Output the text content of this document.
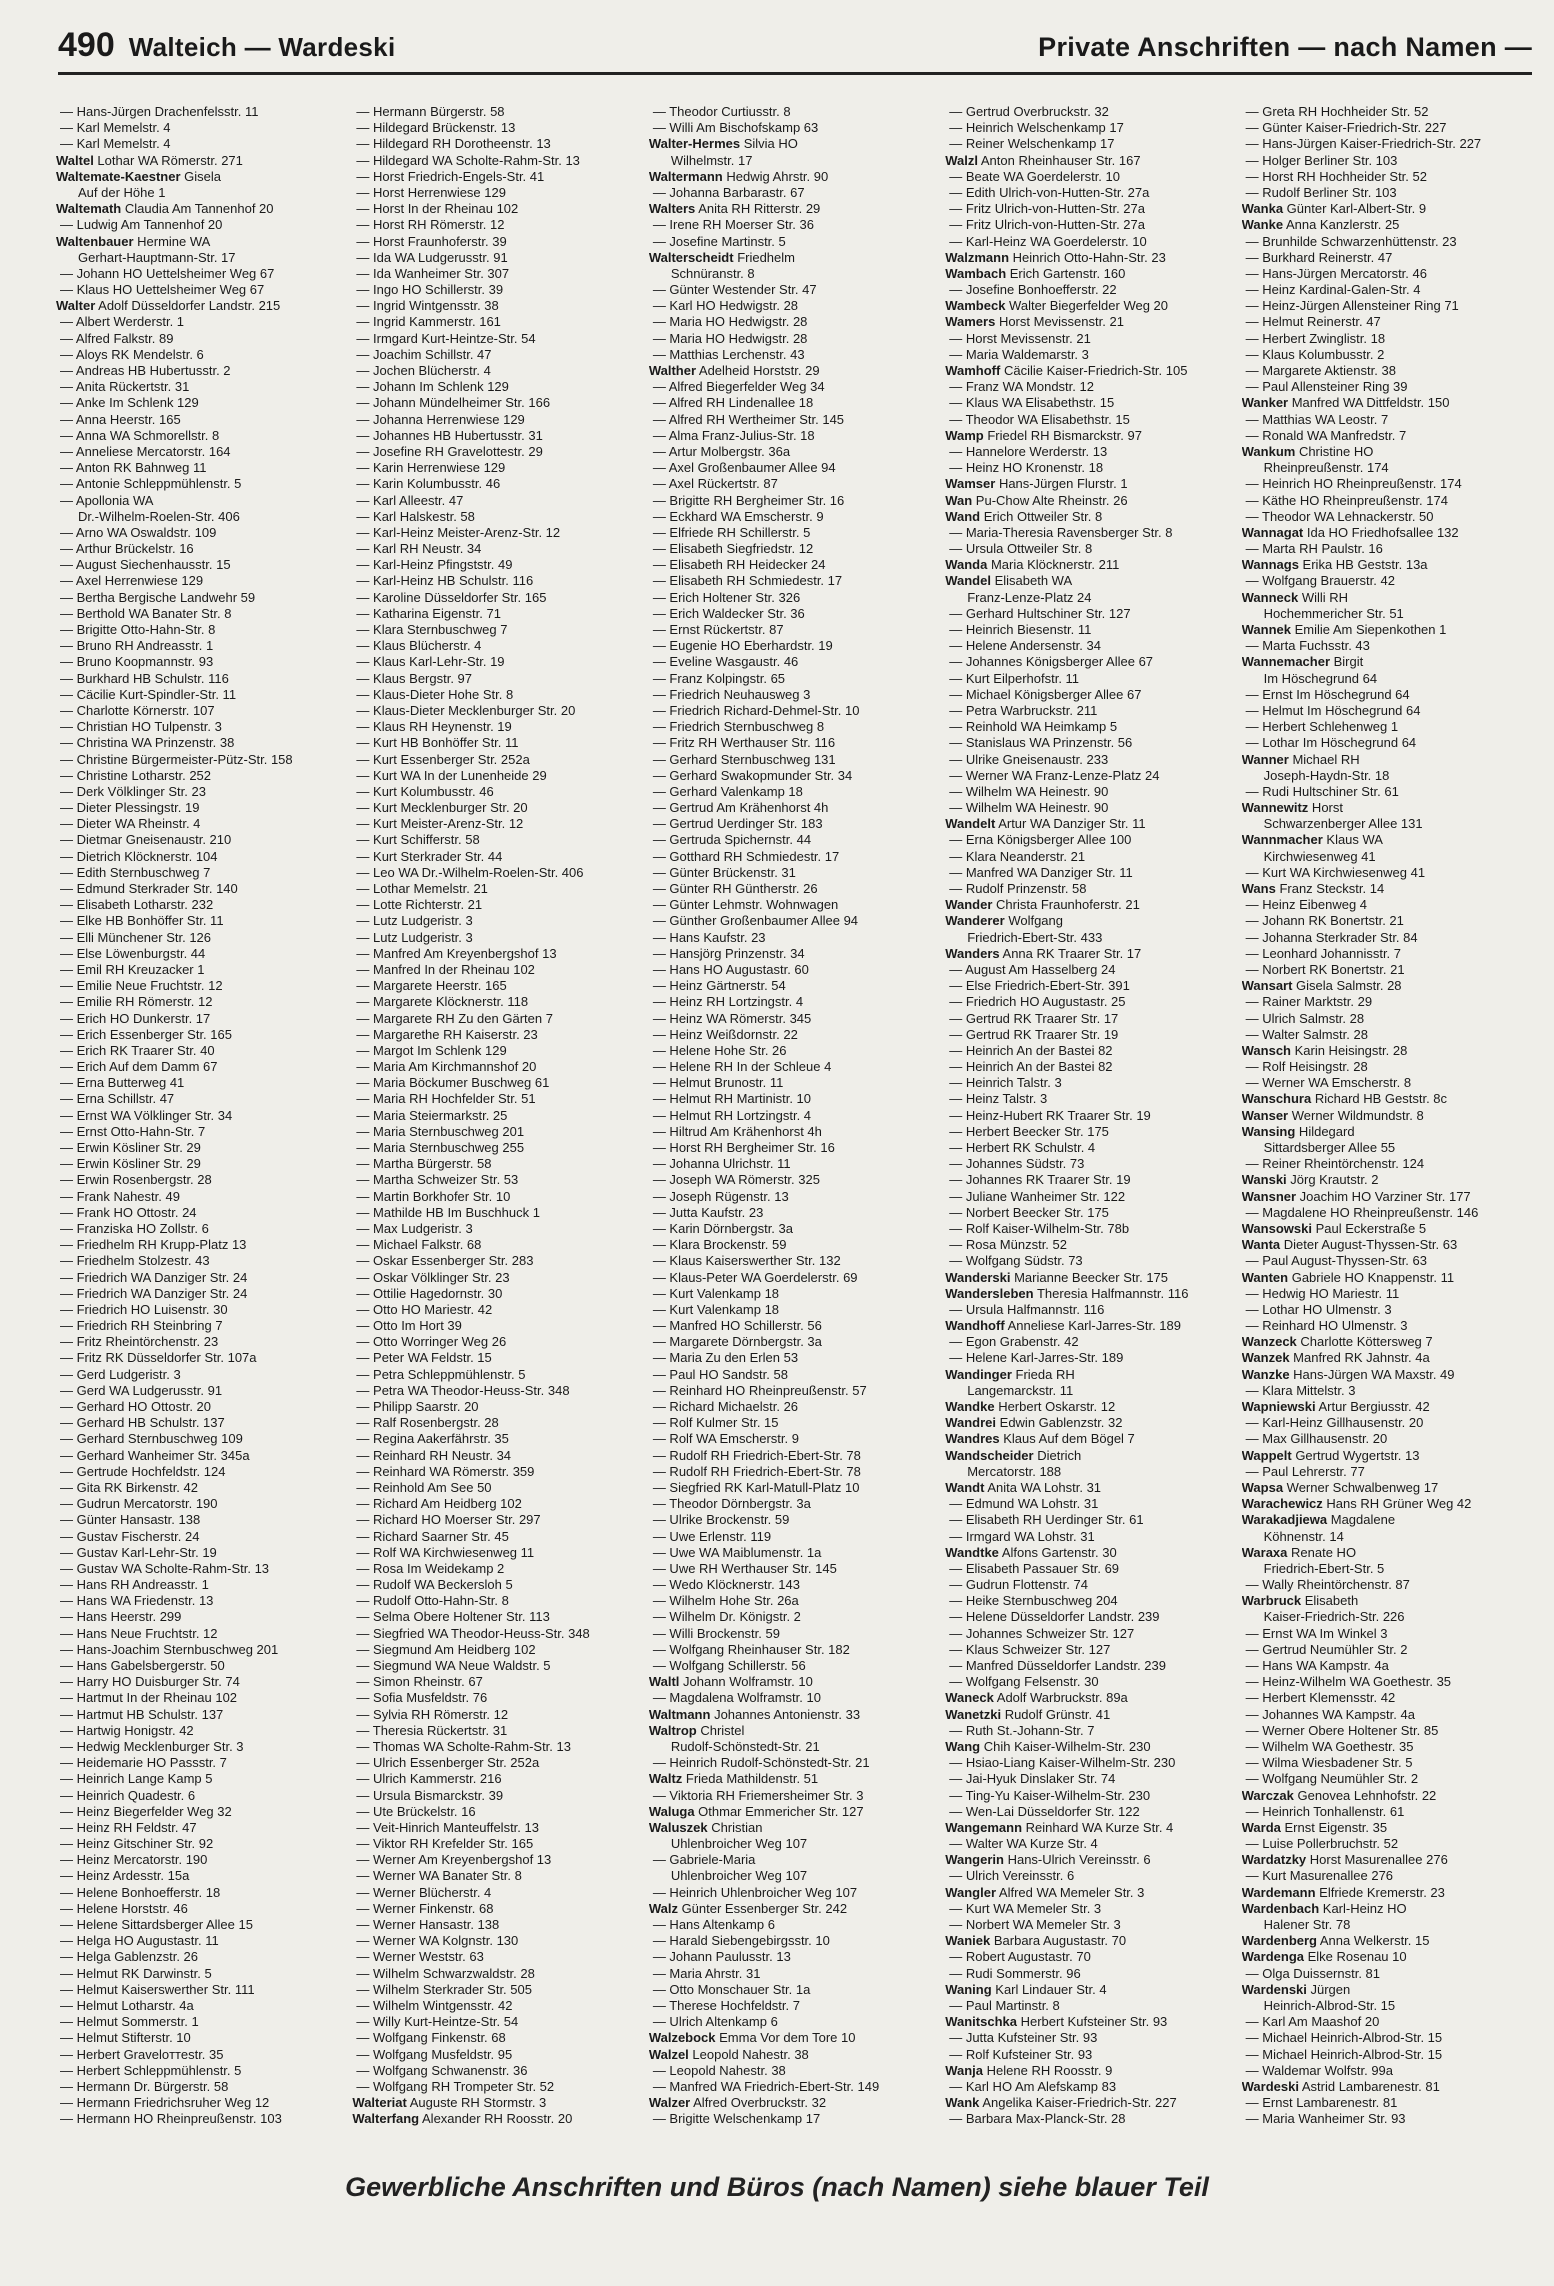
490 Walteich — Wardeski	Private Anschriften — nach Namen —
— Hans-Jürgen Drachenfelsstr. 11
— Karl Memelstr. 4
— Karl Memelstr. 4
Waltel Lothar WA Römerstr. 271
Waltemate-Kaestner Gisela
Auf der Höhe 1
Waltemath Claudia Am Tannenhof 20
— Ludwig Am Tannenhof 20
Waltenbauer Hermine WA
Gerhart-Hauptmann-Str. 17
— Johann HO Uettelsheimer Weg 67
— Klaus HO Uettelsheimer Weg 67
Walter Adolf Düsseldorfer Landstr. 215
— Albert Werderstr. 1
— Alfred Falkstr. 89
— Aloys RK Mendelstr. 6
— Andreas HB Hubertusstr. 2
— Anita Rückertstr. 31
— Anke Im Schlenk 129
— Anna Heerstr. 165
— Anna WA Schmorellstr. 8
— Anneliese Mercatorstr. 164
— Anton RK Bahnweg 11
— Antonie Schleppmühlenstr. 5
— Apollonia WA
Dr.-Wilhelm-Roelen-Str. 406
— Arno WA Oswaldstr. 109
— Arthur Brückelstr. 16
— August Siechenhausstr. 15
— Axel Herrenwiese 129
— Bertha Bergische Landwehr 59
— Berthold WA Banater Str. 8
— Brigitte Otto-Hahn-Str. 8
— Bruno RH Andreasstr. 1
— Bruno Koopmannstr. 93
— Burkhard HB Schulstr. 116
— Cäcilie Kurt-Spindler-Str. 11
— Charlotte Körnerstr. 107
— Christian HO Tulpenstr. 3
— Christina WA Prinzenstr. 38
— Christine Bürgermeister-Pütz-Str. 158
— Christine Lotharstr. 252
— Derk Völklinger Str. 23
— Dieter Plessingstr. 19
— Dieter WA Rheinstr. 4
— Dietmar Gneisenaustr. 210
— Dietrich Klöcknerstr. 104
— Edith Sternbuschweg 7
— Edmund Sterkrader Str. 140
— Elisabeth Lotharstr. 232
— Elke HB Bonhöffer Str. 11
— Elli Münchener Str. 126
— Else Löwenburgstr. 44
— Emil RH Kreuzacker 1
— Emilie Neue Fruchtstr. 12
— Emilie RH Römerstr. 12
— Erich HO Dunkerstr. 17
— Erich Essenberger Str. 165
— Erich RK Traarer Str. 40
— Erich Auf dem Damm 67
— Erna Butterweg 41
— Erna Schillstr. 47
— Ernst WA Völklinger Str. 34
— Ernst Otto-Hahn-Str. 7
— Erwin Kösliner Str. 29
— Erwin Kösliner Str. 29
— Erwin Rosenbergstr. 28
— Frank Nahestr. 49
— Frank HO Ottostr. 24
— Franziska HO Zollstr. 6
— Friedhelm RH Krupp-Platz 13
— Friedhelm Stolzestr. 43
— Friedrich WA Danziger Str. 24
— Friedrich WA Danziger Str. 24
— Friedrich HO Luisenstr. 30
— Friedrich RH Steinbring 7
— Fritz Rheintörchenstr. 23
— Fritz RK Düsseldorfer Str. 107a
— Gerd Ludgeristr. 3
— Gerd WA Ludgerusstr. 91
— Gerhard HO Ottostr. 20
— Gerhard HB Schulstr. 137
— Gerhard Sternbuschweg 109
— Gerhard Wanheimer Str. 345a
— Gertrude Hochfeldstr. 124
— Gita RK Birkenstr. 42
— Gudrun Mercatorstr. 190
— Günter Hansastr. 138
— Gustav Fischerstr. 24
— Gustav Karl-Lehr-Str. 19
— Gustav WA Scholte-Rahm-Str. 13
— Hans RH Andreasstr. 1
— Hans WA Friedenstr. 13
— Hans Heerstr. 299
— Hans Neue Fruchtstr. 12
— Hans-Joachim Sternbuschweg 201
— Hans Gabelsbergerstr. 50
— Harry HO Duisburger Str. 74
— Hartmut In der Rheinau 102
— Hartmut HB Schulstr. 137
— Hartwig Honigstr. 42
— Hedwig Mecklenburger Str. 3
— Heidemarie HO Passstr. 7
— Heinrich Lange Kamp 5
— Heinrich Quadestr. 6
— Heinz Biegerfelder Weg 32
— Heinz RH Feldstr. 47
— Heinz Gitschiner Str. 92
— Heinz Mercatorstr. 190
— Heinz Ardesstr. 15a
— Helene Bonhoefferstr. 18
— Helene Horststr. 46
— Helene Sittardsberger Allee 15
— Helga HO Augustastr. 11
— Helga Gablenzstr. 26
— Helmut RK Darwinstr. 5
— Helmut Kaiserswerther Str. 111
— Helmut Lotharstr. 4a
— Helmut Sommerstr. 1
— Helmut Stifterstr. 10
— Herbert Graveloттеstr. 35
— Herbert Schleppmühlenstr. 5
— Hermann Dr. Bürgerstr. 58
— Hermann Friedrichsruher Weg 12
— Hermann HO Rheinpreußenstr. 103
— Hermann Bürgerstr. 58
— Hildegard Brückenstr. 13
— Hildegard RH Dorotheenstr. 13
— Hildegard WA Scholte-Rahm-Str. 13
— Horst Friedrich-Engels-Str. 41
— Horst Herrenwiese 129
— Horst In der Rheinau 102
— Horst RH Römerstr. 12
— Horst Fraunhoferstr. 39
— Ida WA Ludgerusstr. 91
— Ida Wanheimer Str. 307
— Ingo HO Schillerstr. 39
— Ingrid Wintgensstr. 38
— Ingrid Kammerstr. 161
— Irmgard Kurt-Heintze-Str. 54
— Joachim Schillstr. 47
— Jochen Blücherstr. 4
— Johann Im Schlenk 129
— Johann Mündelheimer Str. 166
— Johanna Herrenwiese 129
— Johannes HB Hubertusstr. 31
— Josefine RH Gravelottestr. 29
— Karin Herrenwiese 129
— Karin Kolumbusstr. 46
— Karl Alleestr. 47
— Karl Halskestr. 58
— Karl-Heinz Meister-Arenz-Str. 12
— Karl RH Neustr. 34
— Karl-Heinz Pfingststr. 49
— Karl-Heinz HB Schulstr. 116
— Karoline Düsseldorfer Str. 165
— Katharina Eigenstr. 71
— Klara Sternbuschweg 7
— Klaus Blücherstr. 4
— Klaus Karl-Lehr-Str. 19
— Klaus Bergstr. 97
— Klaus-Dieter Hohe Str. 8
— Klaus-Dieter Mecklenburger Str. 20
— Klaus RH Heynenstr. 19
— Kurt HB Bonhöffer Str. 11
— Kurt Essenberger Str. 252a
— Kurt WA In der Lunenheide 29
— Kurt Kolumbusstr. 46
— Kurt Mecklenburger Str. 20
— Kurt Meister-Arenz-Str. 12
— Kurt Schifferstr. 58
— Kurt Sterkrader Str. 44
— Leo WA Dr.-Wilhelm-Roelen-Str. 406
— Lothar Memelstr. 21
— Lotte Richterstr. 21
— Lutz Ludgeristr. 3
— Lutz Ludgeristr. 3
— Manfred Am Kreyenbergshof 13
— Manfred In der Rheinau 102
— Margarete Heerstr. 165
— Margarete Klöcknerstr. 118
— Margarete RH Zu den Gärten 7
— Margarethe RH Kaiserstr. 23
— Margot Im Schlenk 129
— Maria Am Kirchmannshof 20
— Maria Böckumer Buschweg 61
— Maria RH Hochfelder Str. 51
— Maria Steiermarkstr. 25
— Maria Sternbuschweg 201
— Maria Sternbuschweg 255
— Martha Bürgerstr. 58
— Martha Schweizer Str. 53
— Martin Borkhofer Str. 10
— Mathilde HB Im Buschhuck 1
— Max Ludgeristr. 3
— Michael Falkstr. 68
— Oskar Essenberger Str. 283
— Oskar Völklinger Str. 23
— Ottilie Hagedornstr. 30
— Otto HO Mariestr. 42
— Otto Im Hort 39
— Otto Worringer Weg 26
— Peter WA Feldstr. 15
— Petra Schleppmühlenstr. 5
— Petra WA Theodor-Heuss-Str. 348
— Philipp Saarstr. 20
— Ralf Rosenbergstr. 28
— Regina Aakerfährstr. 35
— Reinhard RH Neustr. 34
— Reinhard WA Römerstr. 359
— Reinhold Am See 50
— Richard Am Heidberg 102
— Richard HO Moerser Str. 297
— Richard Saarner Str. 45
— Rolf WA Kirchwiesenweg 11
— Rosa Im Weidekamp 2
— Rudolf WA Beckersloh 5
— Rudolf Otto-Hahn-Str. 8
— Selma Obere Holtener Str. 113
— Siegfried WA Theodor-Heuss-Str. 348
— Siegmund Am Heidberg 102
— Siegmund WA Neue Waldstr. 5
— Simon Rheinstr. 67
— Sofia Musfeldstr. 76
— Sylvia RH Römerstr. 12
— Theresia Rückertstr. 31
— Thomas WA Scholte-Rahm-Str. 13
— Ulrich Essenberger Str. 252a
— Ulrich Kammerstr. 216
— Ursula Bismarckstr. 39
— Ute Brückelstr. 16
— Veit-Hinrich Manteuffelstr. 13
— Viktor RH Krefelder Str. 165
— Werner Am Kreyenbergshof 13
— Werner WA Banater Str. 8
— Werner Blücherstr. 4
— Werner Finkenstr. 68
— Werner Hansastr. 138
— Werner WA Kolgnstr. 130
— Werner Weststr. 63
— Wilhelm Schwarzwaldstr. 28
— Wilhelm Sterkrader Str. 505
— Wilhelm Wintgensstr. 42
— Willy Kurt-Heintze-Str. 54
— Wolfgang Finkenstr. 68
— Wolfgang Musfeldstr. 95
— Wolfgang Schwanenstr. 36
— Wolfgang RH Trompeter Str. 52
Walteriat Auguste RH Stormstr. 3
Walterfang Alexander RH Roosstr. 20
— Theodor Curtiusstr. 8
— Willi Am Bischofskamp 63
Walter-Hermes Silvia HO
Wilhelmstr. 17
Waltermann Hedwig Ahrstr. 90
— Johanna Barbarastr. 67
Walters Anita RH Ritterstr. 29
— Irene RH Moerser Str. 36
— Josefine Martinstr. 5
Walterscheidt Friedhelm
Schnüranstr. 8
— Günter Westender Str. 47
— Karl HO Hedwigstr. 28
— Maria HO Hedwigstr. 28
— Maria HO Hedwigstr. 28
— Matthias Lerchenstr. 43
Walther Adelheid Horststr. 29
— Alfred Biegerfelder Weg 34
— Alfred RH Lindenallee 18
— Alfred RH Wertheimer Str. 145
— Alma Franz-Julius-Str. 18
— Artur Molbergstr. 36a
— Axel Großenbaumer Allee 94
— Axel Rückertstr. 87
— Brigitte RH Bergheimer Str. 16
— Eckhard WA Emscherstr. 9
— Elfriede RH Schillerstr. 5
— Elisabeth Siegfriedstr. 12
— Elisabeth RH Heidecker 24
— Elisabeth RH Schmiedestr. 17
— Erich Holtener Str. 326
— Erich Waldecker Str. 36
— Ernst Rückertstr. 87
— Eugenie HO Eberhardstr. 19
— Eveline Wasgaustr. 46
— Franz Kolpingstr. 65
— Friedrich Neuhausweg 3
— Friedrich Richard-Dehmel-Str. 10
— Friedrich Sternbuschweg 8
— Fritz RH Werthauser Str. 116
— Gerhard Sternbuschweg 131
— Gerhard Swakopmunder Str. 34
— Gerhard Valenkamp 18
— Gertrud Am Krähenhorst 4h
— Gertrud Uerdinger Str. 183
— Gertruda Spichernstr. 44
— Gotthard RH Schmiedestr. 17
— Günter Brückenstr. 31
— Günter RH Güntherstr. 26
— Günter Lehmstr. Wohnwagen
— Günther Großenbaumer Allee 94
— Hans Kaufstr. 23
— Hansjörg Prinzenstr. 34
— Hans HO Augustastr. 60
— Heinz Gärtnerstr. 54
— Heinz RH Lortzingstr. 4
— Heinz WA Römerstr. 345
— Heinz Weißdornstr. 22
— Helene Hohe Str. 26
— Helene RH In der Schleue 4
— Helmut Brunostr. 11
— Helmut RH Martinistr. 10
— Helmut RH Lortzingstr. 4
— Hiltrud Am Krähenhorst 4h
— Horst RH Bergheimer Str. 16
— Johanna Ulrichstr. 11
— Joseph WA Römerstr. 325
— Joseph Rügenstr. 13
— Jutta Kaufstr. 23
— Karin Dörnbergstr. 3a
— Klara Brockenstr. 59
— Klaus Kaiserswerther Str. 132
— Klaus-Peter WA Goerdelerstr. 69
— Kurt Valenkamp 18
— Kurt Valenkamp 18
— Manfred HO Schillerstr. 56
— Margarete Dörnbergstr. 3a
— Maria Zu den Erlen 53
— Paul HO Sandstr. 58
— Reinhard HO Rheinpreußenstr. 57
— Richard Michaelstr. 26
— Rolf Kulmer Str. 15
— Rolf WA Emscherstr. 9
— Rudolf RH Friedrich-Ebert-Str. 78
— Rudolf RH Friedrich-Ebert-Str. 78
— Siegfried RK Karl-Matull-Platz 10
— Theodor Dörnbergstr. 3a
— Ulrike Brockenstr. 59
— Uwe Erlenstr. 119
— Uwe WA Maiblumenstr. 1a
— Uwe RH Werthauser Str. 145
— Wedo Klöcknerstr. 143
— Wilhelm Hohe Str. 26a
— Wilhelm Dr. Königstr. 2
— Willi Brockenstr. 59
— Wolfgang Rheinhauser Str. 182
— Wolfgang Schillerstr. 56
Waltl Johann Wolframstr. 10
— Magdalena Wolframstr. 10
Waltmann Johannes Antonienstr. 33
Waltrop Christel
Rudolf-Schönstedt-Str. 21
— Heinrich Rudolf-Schönstedt-Str. 21
Waltz Frieda Mathildenstr. 51
— Viktoria RH Friemersheimer Str. 3
Waluga Othmar Emmericher Str. 127
Waluszek Christian
Uhlenbroicher Weg 107
— Gabriele-Maria
Uhlenbroicher Weg 107
— Heinrich Uhlenbroicher Weg 107
Walz Günter Essenberger Str. 242
— Hans Altenkamp 6
— Harald Siebengebirgsstr. 10
— Johann Paulusstr. 13
— Maria Ahrstr. 31
— Otto Monschauer Str. 1a
— Therese Hochfeldstr. 7
— Ulrich Altenkamp 6
Walzebock Emma Vor dem Tore 10
Walzel Leopold Nahestr. 38
— Leopold Nahestr. 38
— Manfred WA Friedrich-Ebert-Str. 149
Walzer Alfred Overbruckstr. 32
— Brigitte Welschenkamp 17
— Gertrud Overbruckstr. 32
— Heinrich Welschenkamp 17
— Reiner Welschenkamp 17
Walzl Anton Rheinhauser Str. 167
— Beate WA Goerdelerstr. 10
— Edith Ulrich-von-Hutten-Str. 27a
— Fritz Ulrich-von-Hutten-Str. 27a
— Fritz Ulrich-von-Hutten-Str. 27a
— Karl-Heinz WA Goerdelerstr. 10
Walzmann Heinrich Otto-Hahn-Str. 23
Wambach Erich Gartenstr. 160
— Josefine Bonhoefferstr. 22
Wambeck Walter Biegerfelder Weg 20
Wamers Horst Mevissenstr. 21
— Horst Mevissenstr. 21
— Maria Waldemarstr. 3
Wamhoff Cäcilie Kaiser-Friedrich-Str. 105
— Franz WA Mondstr. 12
— Klaus WA Elisabethstr. 15
— Theodor WA Elisabethstr. 15
Wamp Friedel RH Bismarckstr. 97
— Hannelore Werderstr. 13
— Heinz HO Kronenstr. 18
Wamser Hans-Jürgen Flurstr. 1
Wan Pu-Chow Alte Rheinstr. 26
Wand Erich Ottweiler Str. 8
— Maria-Theresia Ravensberger Str. 8
— Ursula Ottweiler Str. 8
Wanda Maria Klöcknerstr. 211
Wandel Elisabeth WA
Franz-Lenze-Platz 24
— Gerhard Hultschiner Str. 127
— Heinrich Biesenstr. 11
— Helene Andersenstr. 34
— Johannes Königsberger Allee 67
— Kurt Eilperhofstr. 11
— Michael Königsberger Allee 67
— Petra Warbruckstr. 211
— Reinhold WA Heimkamp 5
— Stanislaus WA Prinzenstr. 56
— Ulrike Gneisenaustr. 233
— Werner WA Franz-Lenze-Platz 24
— Wilhelm WA Heinestr. 90
— Wilhelm WA Heinestr. 90
Wandelt Artur WA Danziger Str. 11
— Erna Königsberger Allee 100
— Klara Neanderstr. 21
— Manfred WA Danziger Str. 11
— Rudolf Prinzenstr. 58
Wander Christa Fraunhoferstr. 21
Wanderer Wolfgang
Friedrich-Ebert-Str. 433
Wanders Anna RK Traarer Str. 17
— August Am Hasselberg 24
— Else Friedrich-Ebert-Str. 391
— Friedrich HO Augustastr. 25
— Gertrud RK Traarer Str. 17
— Gertrud RK Traarer Str. 19
— Heinrich An der Bastei 82
— Heinrich An der Bastei 82
— Heinrich Talstr. 3
— Heinz Talstr. 3
— Heinz-Hubert RK Traarer Str. 19
— Herbert Beecker Str. 175
— Herbert RK Schulstr. 4
— Johannes Südstr. 73
— Johannes RK Traarer Str. 19
— Juliane Wanheimer Str. 122
— Norbert Beecker Str. 175
— Rolf Kaiser-Wilhelm-Str. 78b
— Rosa Münzstr. 52
— Wolfgang Südstr. 73
Wanderski Marianne Beecker Str. 175
Wandersleben Theresia Halfmannstr. 116
— Ursula Halfmannstr. 116
Wandhoff Anneliese Karl-Jarres-Str. 189
— Egon Grabenstr. 42
— Helene Karl-Jarres-Str. 189
Wandinger Frieda RH
Langemarckstr. 11
Wandke Herbert Oskarstr. 12
Wandrei Edwin Gablenzstr. 32
Wandres Klaus Auf dem Bögel 7
Wandscheider Dietrich
Mercatorstr. 188
Wandt Anita WA Lohstr. 31
— Edmund WA Lohstr. 31
— Elisabeth RH Uerdinger Str. 61
— Irmgard WA Lohstr. 31
Wandtke Alfons Gartenstr. 30
— Elisabeth Passauer Str. 69
— Gudrun Flottenstr. 74
— Heike Sternbuschweg 204
— Helene Düsseldorfer Landstr. 239
— Johannes Schweizer Str. 127
— Klaus Schweizer Str. 127
— Manfred Düsseldorfer Landstr. 239
— Wolfgang Felsenstr. 30
Waneck Adolf Warbruckstr. 89a
Wanetzki Rudolf Grünstr. 41
— Ruth St.-Johann-Str. 7
Wang Chih Kaiser-Wilhelm-Str. 230
— Hsiao-Liang Kaiser-Wilhelm-Str. 230
— Jai-Hyuk Dinslaker Str. 74
— Ting-Yu Kaiser-Wilhelm-Str. 230
— Wen-Lai Düsseldorfer Str. 122
Wangemann Reinhard WA Kurze Str. 4
— Walter WA Kurze Str. 4
Wangerin Hans-Ulrich Vereinsstr. 6
— Ulrich Vereinsstr. 6
Wangler Alfred WA Memeler Str. 3
— Kurt WA Memeler Str. 3
— Norbert WA Memeler Str. 3
Waniek Barbara Augustastr. 70
— Robert Augustastr. 70
— Rudi Sommerstr. 96
Waning Karl Lindauer Str. 4
— Paul Martinstr. 8
Wanitschka Herbert Kufsteiner Str. 93
— Jutta Kufsteiner Str. 93
— Rolf Kufsteiner Str. 93
Wanja Helene RH Roosstr. 9
— Karl HO Am Alefskamp 83
Wank Angelika Kaiser-Friedrich-Str. 227
— Barbara Max-Planck-Str. 28
— Greta RH Hochheider Str. 52
— Günter Kaiser-Friedrich-Str. 227
— Hans-Jürgen Kaiser-Friedrich-Str. 227
— Holger Berliner Str. 103
— Horst RH Hochheider Str. 52
— Rudolf Berliner Str. 103
Wanka Günter Karl-Albert-Str. 9
Wanke Anna Kanzlerstr. 25
— Brunhilde Schwarzenhüttenstr. 23
— Burkhard Reinerstr. 47
— Hans-Jürgen Mercatorstr. 46
— Heinz Kardinal-Galen-Str. 4
— Heinz-Jürgen Allensteiner Ring 71
— Helmut Reinerstr. 47
— Herbert Zwinglistr. 18
— Klaus Kolumbusstr. 2
— Margarete Aktienstr. 38
— Paul Allensteiner Ring 39
Wanker Manfred WA Dittfeldstr. 150
— Matthias WA Leostr. 7
— Ronald WA Manfredstr. 7
Wankum Christine HO
Rheinpreußenstr. 174
— Heinrich HO Rheinpreußenstr. 174
— Käthe HO Rheinpreußenstr. 174
— Theodor WA Lehnackerstr. 50
Wannagat Ida HO Friedhofsallee 132
— Marta RH Paulstr. 16
Wannags Erika HB Geststr. 13a
— Wolfgang Brauerstr. 42
Wanneck Willi RH
Hochemmericher Str. 51
Wannek Emilie Am Siepenkothen 1
— Marta Fuchsstr. 43
Wannemacher Birgit
Im Höschegrund 64
— Ernst Im Höschegrund 64
— Helmut Im Höschegrund 64
— Herbert Schlehenweg 1
— Lothar Im Höschegrund 64
Wanner Michael RH
Joseph-Haydn-Str. 18
— Rudi Hultschiner Str. 61
Wannewitz Horst
Schwarzenberger Allee 131
Wannmacher Klaus WA
Kirchwiesenweg 41
— Kurt WA Kirchwiesenweg 41
Wans Franz Steckstr. 14
— Heinz Eibenweg 4
— Johann RK Bonertstr. 21
— Johanna Sterkrader Str. 84
— Leonhard Johannisstr. 7
— Norbert RK Bonertstr. 21
Wansart Gisela Salmstr. 28
— Rainer Marktstr. 29
— Ulrich Salmstr. 28
— Walter Salmstr. 28
Wansch Karin Heisingstr. 28
— Rolf Heisingstr. 28
— Werner WA Emscherstr. 8
Wanschura Richard HB Geststr. 8c
Wanser Werner Wildmundstr. 8
Wansing Hildegard
Sittardsberger Allee 55
— Reiner Rheintörchenstr. 124
Wanski Jörg Krautstr. 2
Wansner Joachim HO Varziner Str. 177
— Magdalene HO Rheinpreußenstr. 146
Wansowski Paul Eckerstraße 5
Wanta Dieter August-Thyssen-Str. 63
— Paul August-Thyssen-Str. 63
Wanten Gabriele HO Knappenstr. 11
— Hedwig HO Mariestr. 11
— Lothar HO Ulmenstr. 3
— Reinhard HO Ulmenstr. 3
Wanzeck Charlotte Köttersweg 7
Wanzek Manfred RK Jahnstr. 4a
Wanzke Hans-Jürgen WA Maxstr. 49
— Klara Mittelstr. 3
Wapniewski Artur Bergiusstr. 42
— Karl-Heinz Gillhausenstr. 20
— Max Gillhausenstr. 20
Wappelt Gertrud Wygertstr. 13
— Paul Lehrerstr. 77
Wapsa Werner Schwalbenweg 17
Warachewicz Hans RH Grüner Weg 42
Warakadjiewa Magdalene
Köhnenstr. 14
Waraxa Renate HO
Friedrich-Ebert-Str. 5
— Wally Rheintörchenstr. 87
Warbruck Elisabeth
Kaiser-Friedrich-Str. 226
— Ernst WA Im Winkel 3
— Gertrud Neumühler Str. 2
— Hans WA Kampstr. 4a
— Heinz-Wilhelm WA Goethestr. 35
— Herbert Klemensstr. 42
— Johannes WA Kampstr. 4a
— Werner Obere Holtener Str. 85
— Wilhelm WA Goethestr. 35
— Wilma Wiesbadener Str. 5
— Wolfgang Neumühler Str. 2
Warczak Genovea Lehnhofstr. 22
— Heinrich Tonhallenstr. 61
Warda Ernst Eigenstr. 35
— Luise Pollerbruchstr. 52
Wardatzky Horst Masurenallee 276
— Kurt Masurenallee 276
Wardemann Elfriede Kremerstr. 23
Wardenbach Karl-Heinz HO
Halener Str. 78
Wardenberg Anna Welkerstr. 15
Wardenga Elke Rosenau 10
— Olga Duissernstr. 81
Wardenski Jürgen
Heinrich-Albrod-Str. 15
— Karl Am Maashof 20
— Michael Heinrich-Albrod-Str. 15
— Michael Heinrich-Albrod-Str. 15
— Waldemar Wolfstr. 99a
Wardeski Astrid Lambarenestr. 81
— Ernst Lambarenestr. 81
— Maria Wanheimer Str. 93
Gewerbliche Anschriften und Büros (nach Namen) siehe blauer Teil
